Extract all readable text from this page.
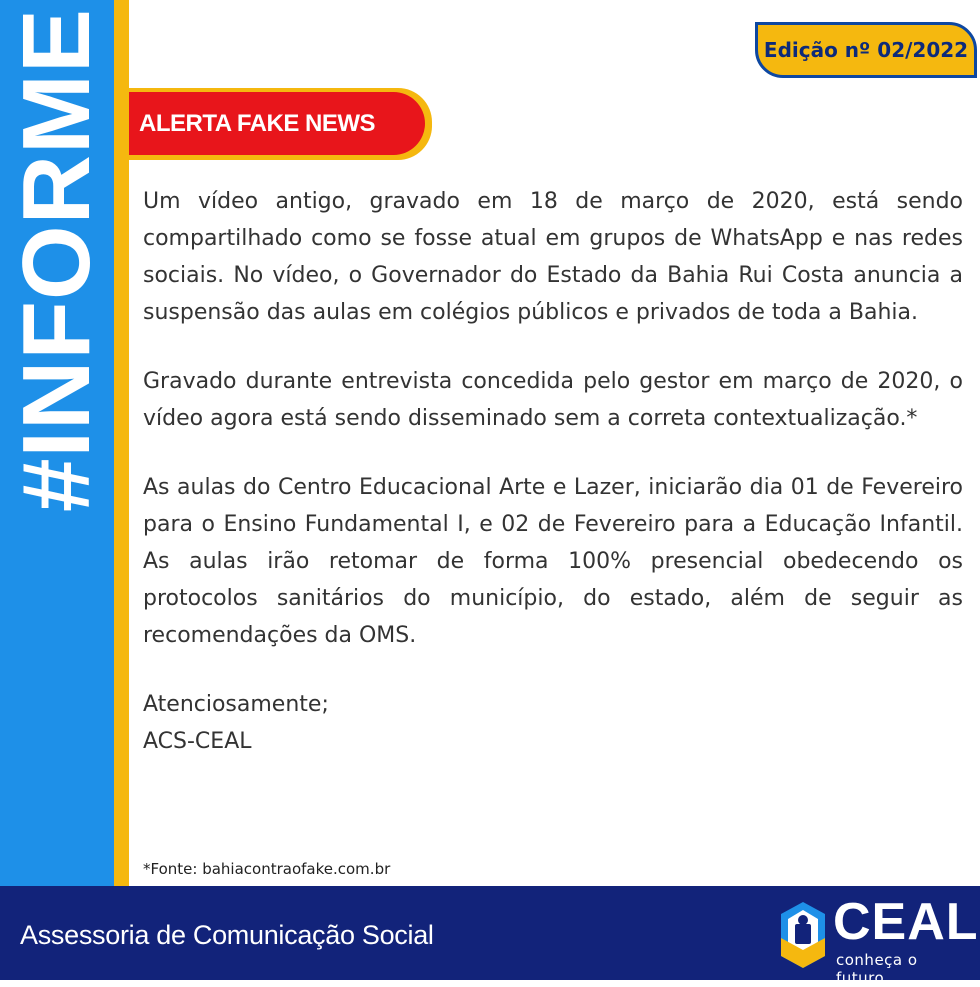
#INFORME	Edição nº 02/2022
ALERTA FAKE NEWS

Um vídeo antigo, gravado em 18 de março de 2020, está sendo compartilhado como se fosse atual em grupos de WhatsApp e nas redes sociais. No vídeo, o Governador do Estado da Bahia Rui Costa anuncia a suspensão das aulas em colégios públicos e privados de toda a Bahia.

Gravado durante entrevista concedida pelo gestor em março de 2020, o vídeo agora está sendo disseminado sem a correta contextualização.*

As aulas do Centro Educacional Arte e Lazer, iniciarão dia 01 de Fevereiro para o Ensino Fundamental I, e 02 de Fevereiro para a Educação Infantil. As aulas irão retomar de forma 100% presencial obedecendo os protocolos sanitários do município, do estado, além de seguir as recomendações da OMS.

Atenciosamente;

ACS-CEAL

*Fonte: bahiacontraofake.com.br
Assessoria de Comunicação Social	CEAL
conheça o futuro
